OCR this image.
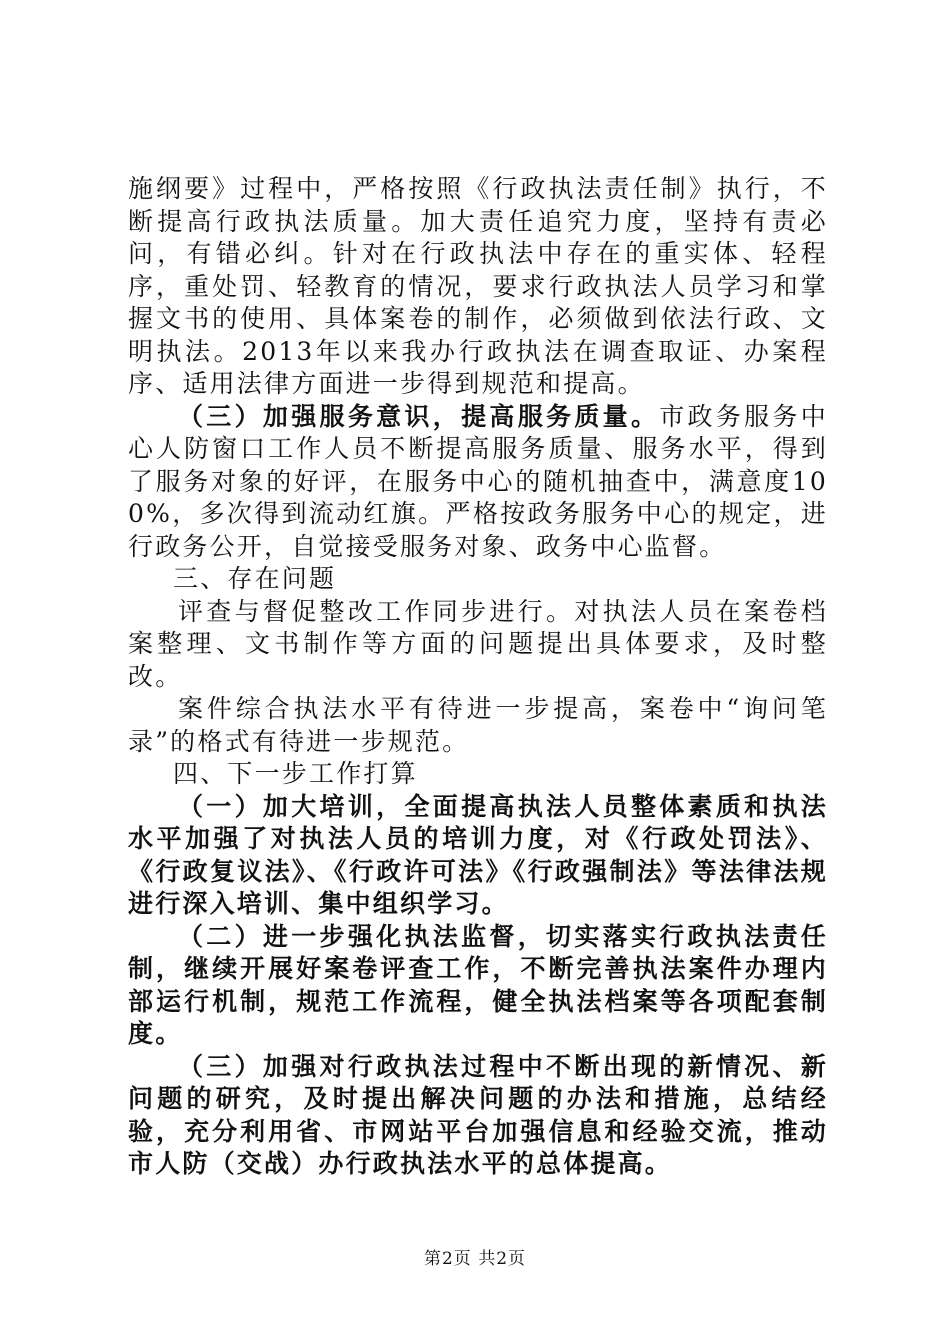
施纲要》过程中，严格按照《行政执法责任制》执行，不断提高行政执法质量。加大责任追究力度，坚持有责必问，有错必纠。针对在行政执法中存在的重实体、轻程序，重处罚、轻教育的情况，要求行政执法人员学习和掌握文书的使用、具体案卷的制作，必须做到依法行政、文明执法。2013年以来我办行政执法在调查取证、办案程序、适用法律方面进一步得到规范和提高。

（三）加强服务意识，提高服务质量。市政务服务中心人防窗口工作人员不断提高服务质量、服务水平，得到了服务对象的好评，在服务中心的随机抽查中，满意度100%，多次得到流动红旗。严格按政务服务中心的规定，进行政务公开，自觉接受服务对象、政务中心监督。

三、存在问题

评查与督促整改工作同步进行。对执法人员在案卷档案整理、文书制作等方面的问题提出具体要求，及时整改。

案件综合执法水平有待进一步提高，案卷中“询问笔录”的格式有待进一步规范。

四、下一步工作打算

（一）加大培训，全面提高执法人员整体素质和执法水平加强了对执法人员的培训力度，对《行政处罚法》、《行政复议法》、《行政许可法》《行政强制法》等法律法规进行深入培训、集中组织学习。

（二）进一步强化执法监督，切实落实行政执法责任制，继续开展好案卷评查工作，不断完善执法案件办理内部运行机制，规范工作流程，健全执法档案等各项配套制度。

（三）加强对行政执法过程中不断出现的新情况、新问题的研究，及时提出解决问题的办法和措施，总结经验，充分利用省、市网站平台加强信息和经验交流，推动市人防（交战）办行政执法水平的总体提高。

第2页 共2页
